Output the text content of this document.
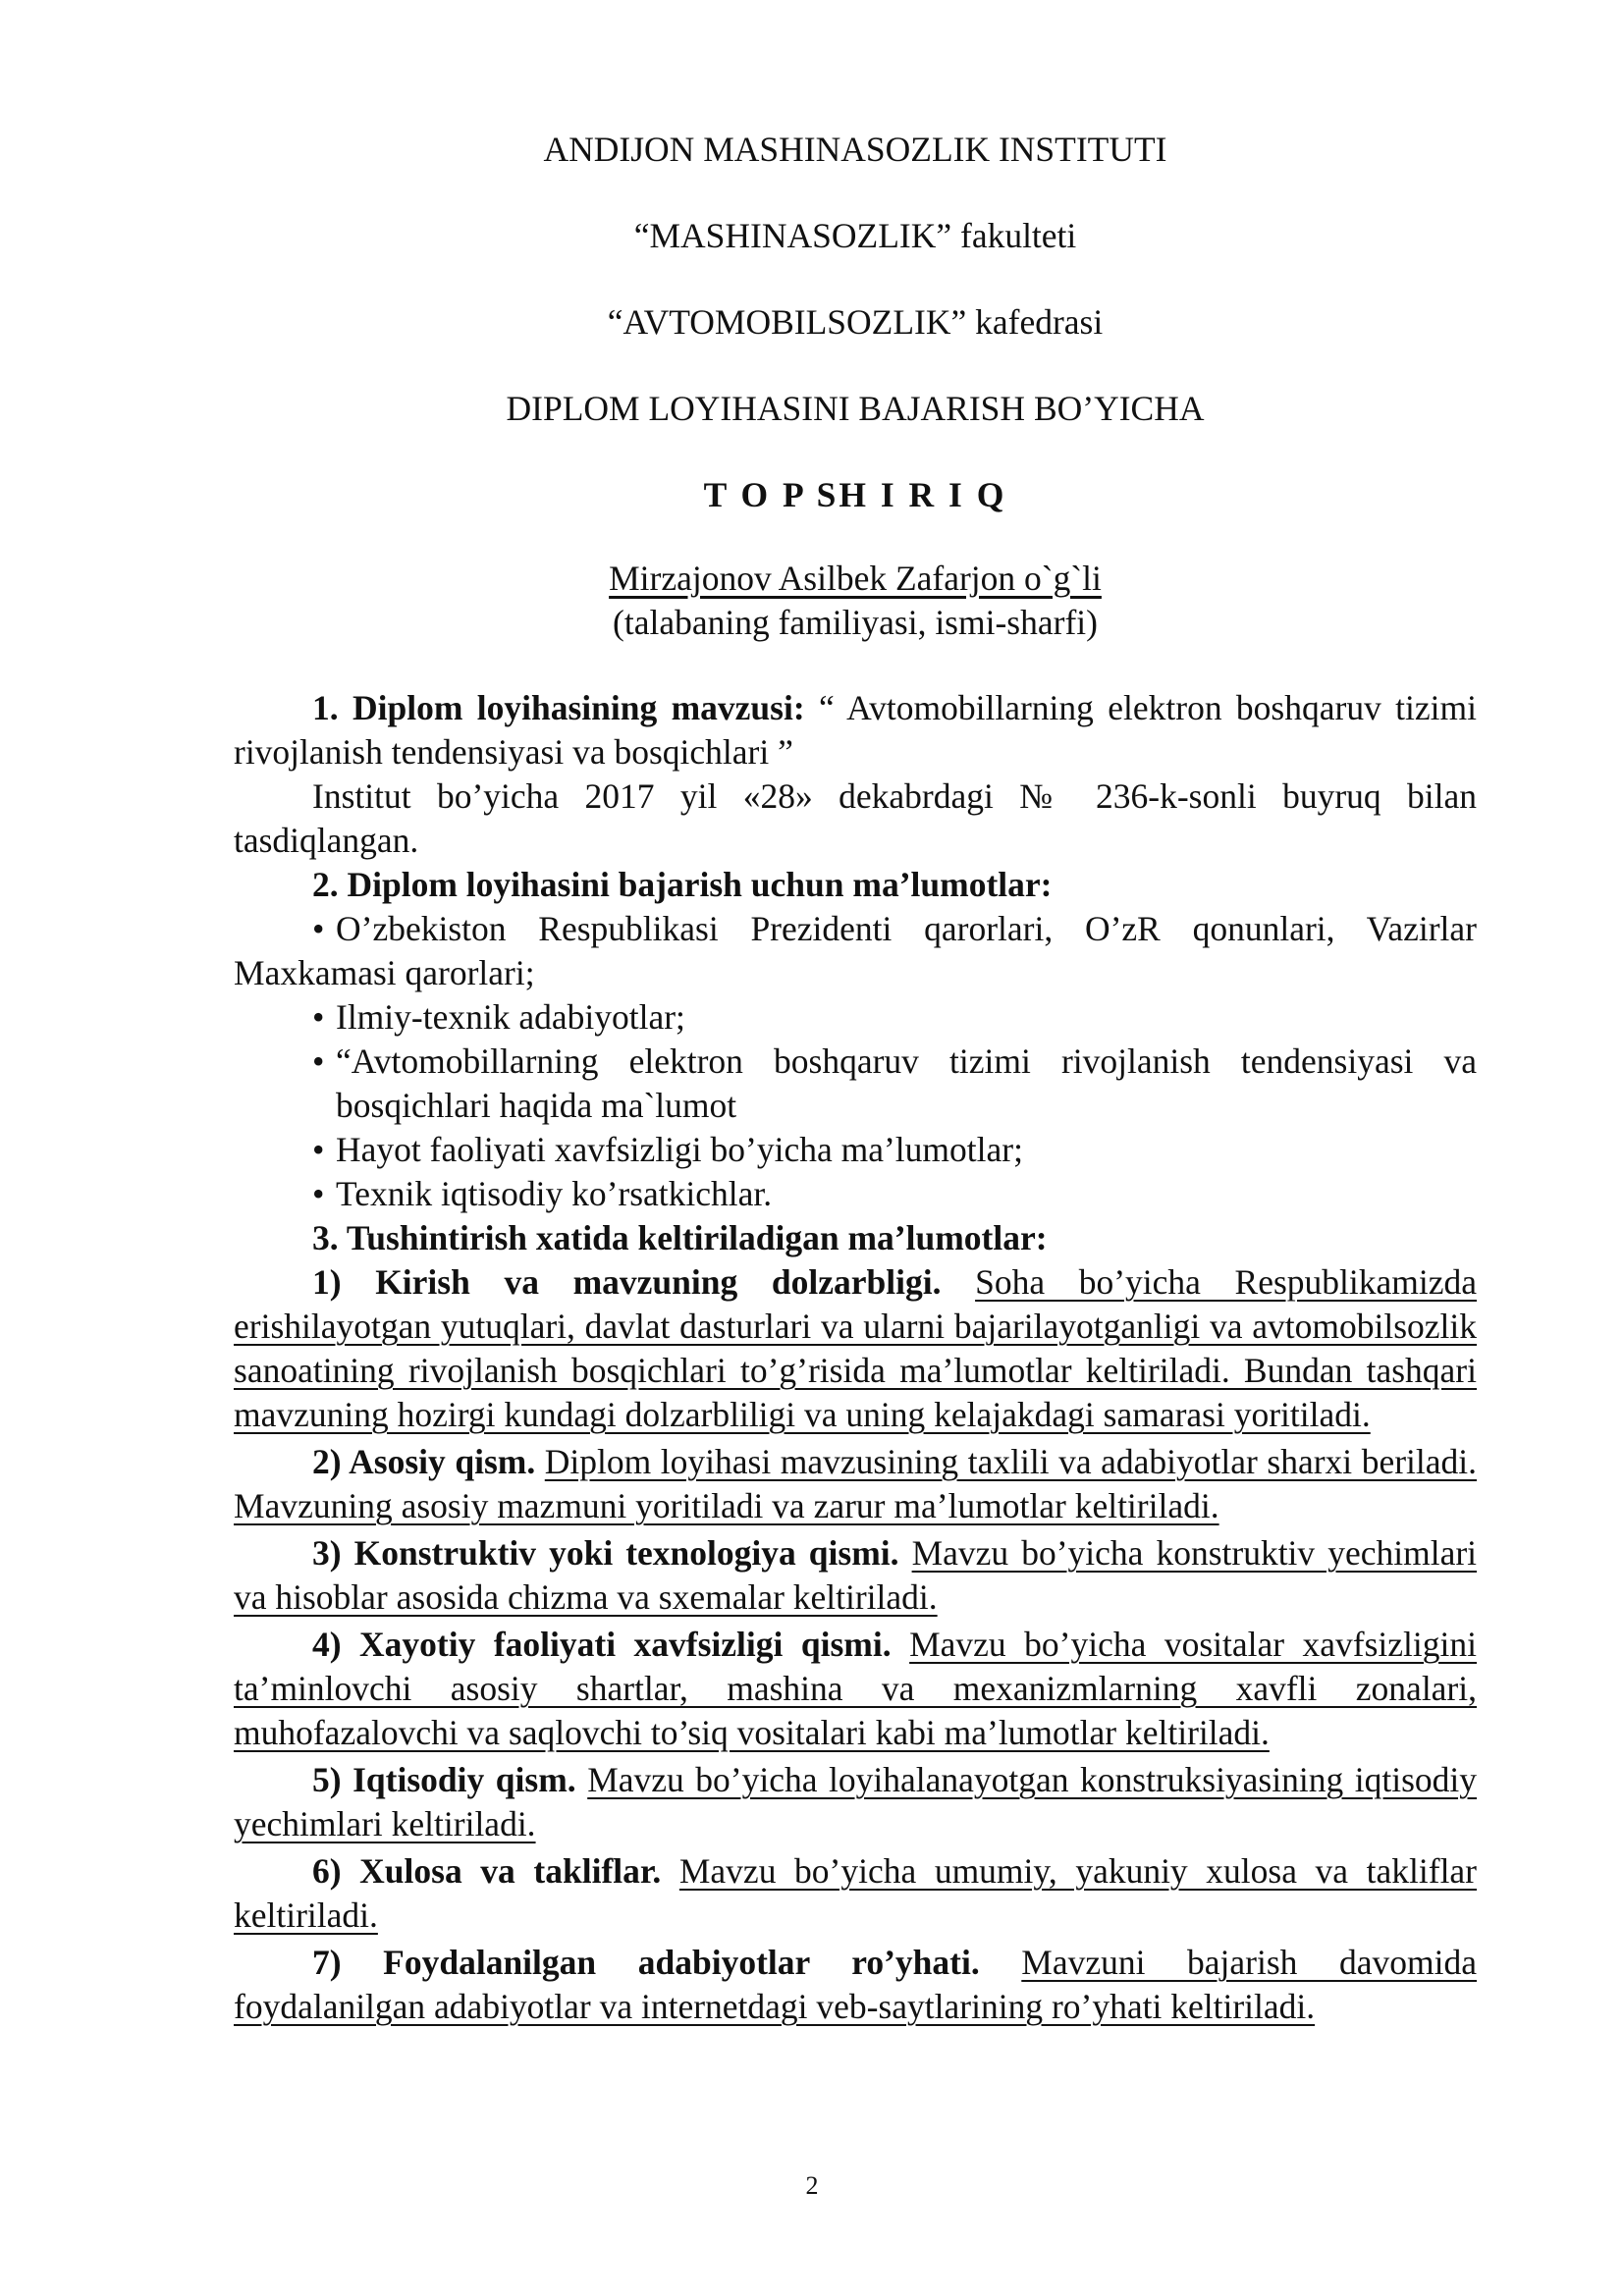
ANDIJON MASHINASOZLIK INSTITUTI
“MASHINASOZLIK” fakulteti
“AVTOMOBILSOZLIK” kafedrasi
DIPLOM LOYIHASINI BAJARISH BO’YICHA
T O P SH I R I Q
Mirzajonov Asilbek Zafarjon o`g`li
(talabaning familiyasi, ismi-sharfi)

1. Diplom loyihasining mavzusi: “ Avtomobillarning elektron boshqaruv tizimi rivojlanish tendensiyasi va bosqichlari ”

Institut bo’yicha 2017 yil «28» dekabrdagi № 236-k-sonli buyruq bilan tasdiqlangan.

2. Diplom loyihasini bajarish uchun ma’lumotlar:

• O’zbekiston Respublikasi Prezidenti qarorlari, O’zR qonunlari, Vazirlar Maxkamasi qarorlari;
• Ilmiy-texnik adabiyotlar;
• “Avtomobillarning elektron boshqaruv tizimi rivojlanish tendensiyasi va bosqichlari haqida ma`lumot
• Hayot faoliyati xavfsizligi bo’yicha ma’lumotlar;
• Texnik iqtisodiy ko’rsatkichlar.

3. Tushintirish xatida keltiriladigan ma’lumotlar:

1) Kirish va mavzuning dolzarbligi. Soha bo’yicha Respublikamizda erishilayotgan yutuqlari, davlat dasturlari va ularni bajarilayotganligi va avtomobilsozlik sanoatining rivojlanish bosqichlari to’g’risida ma’lumotlar keltiriladi. Bundan tashqari mavzuning hozirgi kundagi dolzarbliligi va uning kelajakdagi samarasi yoritiladi.

2) Asosiy qism. Diplom loyihasi mavzusining taxlili va adabiyotlar sharxi beriladi. Mavzuning asosiy mazmuni yoritiladi va zarur ma’lumotlar keltiriladi.

3) Konstruktiv yoki texnologiya qismi. Mavzu bo’yicha konstruktiv yechimlari va hisoblar asosida chizma va sxemalar keltiriladi.

4) Xayotiy faoliyati xavfsizligi qismi. Mavzu bo’yicha vositalar xavfsizligini ta’minlovchi asosiy shartlar, mashina va mexanizmlarning xavfli zonalari, muhofazalovchi va saqlovchi to’siq vositalari kabi ma’lumotlar keltiriladi.

5) Iqtisodiy qism. Mavzu bo’yicha loyihalanayotgan konstruksiyasining iqtisodiy yechimlari keltiriladi.

6) Xulosa va takliflar. Mavzu bo’yicha umumiy, yakuniy xulosa va takliflar keltiriladi.

7) Foydalanilgan adabiyotlar ro’yhati. Mavzuni bajarish davomida foydalanilgan adabiyotlar va internetdagi veb-saytlarining ro’yhati keltiriladi.

2
